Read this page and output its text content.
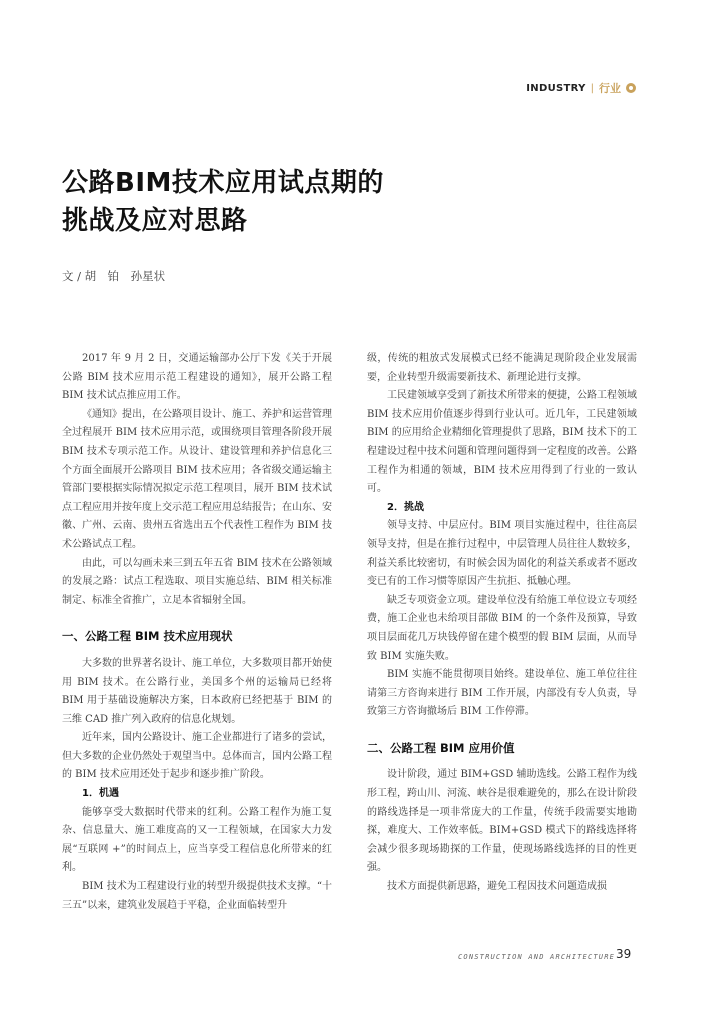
INDUSTRY | 行业
公路BIM技术应用试点期的
挑战及应对思路
文 / 胡　铂　孙星状

2017 年 9 月 2 日，交通运输部办公厅下发《关于开展公路 BIM 技术应用示范工程建设的通知》，展开公路工程BIM 技术试点推应用工作。

《通知》提出，在公路项目设计、施工、养护和运营管理全过程展开 BIM 技术应用示范，或围绕项目管理各阶段开展 BIM 技术专项示范工作。从设计、建设管理和养护信息化三个方面全面展开公路项目 BIM 技术应用；各省级交通运输主管部门要根据实际情况拟定示范工程项目，展开 BIM 技术试点工程应用并按年度上交示范工程应用总结报告；在山东、安徽、广州、云南、贵州五省选出五个代表性工程作为 BIM 技术公路试点工程。

由此，可以勾画未来三到五年五省 BIM 技术在公路领域的发展之路：试点工程选取、项目实施总结、BIM 相关标准制定、标准全省推广，立足本省辐射全国。

一、公路工程 BIM 技术应用现状

大多数的世界著名设计、施工单位，大多数项目都开始使用 BIM 技术。在公路行业，美国多个州的运输局已经将 BIM 用于基础设施解决方案，日本政府已经把基于 BIM 的三维 CAD 推广列入政府的信息化规划。

近年来，国内公路设计、施工企业都进行了诸多的尝试，但大多数的企业仍然处于观望当中。总体而言，国内公路工程的 BIM 技术应用还处于起步和逐步推广阶段。

1．机遇

能够享受大数据时代带来的红利。公路工程作为施工复杂、信息量大、施工难度高的又一工程领域，在国家大力发展“互联网 +”的时间点上，应当享受工程信息化所带来的红利。

BIM 技术为工程建设行业的转型升级提供技术支撑。“十三五”以来，建筑业发展趋于平稳，企业面临转型升

级，传统的粗放式发展模式已经不能满足现阶段企业发展需要，企业转型升级需要新技术、新理论进行支撑。

工民建领域享受到了新技术所带来的便捷，公路工程领域 BIM 技术应用价值逐步得到行业认可。近几年，工民建领域 BIM 的应用给企业精细化管理提供了思路，BIM 技术下的工程建设过程中技术问题和管理问题得到一定程度的改善。公路工程作为相通的领域，BIM 技术应用得到了行业的一致认可。

2．挑战

领导支持、中层应付。BIM 项目实施过程中，往往高层领导支持，但是在推行过程中，中层管理人员往往人数较多，利益关系比较密切，有时候会因为固化的利益关系或者不愿改变已有的工作习惯等原因产生抗拒、抵触心理。

缺乏专项资金立项。建设单位没有给施工单位设立专项经费，施工企业也未给项目部做 BIM 的一个条件及预算，导致项目层面花几万块钱停留在建个模型的假 BIM 层面，从而导致 BIM 实施失败。

BIM 实施不能贯彻项目始终。建设单位、施工单位往往请第三方咨询来进行 BIM 工作开展，内部没有专人负责，导致第三方咨询撤场后 BIM 工作停滞。

二、公路工程 BIM 应用价值

设计阶段，通过 BIM+GSD 辅助选线。公路工程作为线形工程，跨山川、河流、峡谷是很难避免的，那么在设计阶段的路线选择是一项非常庞大的工作量，传统手段需要实地勘探，难度大、工作效率低。BIM+GSD 模式下的路线选择将会减少很多现场勘探的工作量，使现场路线选择的目的性更强。

技术方面提供新思路，避免工程因技术问题造成损

CONSTRUCTION AND ARCHITECTURE 39
